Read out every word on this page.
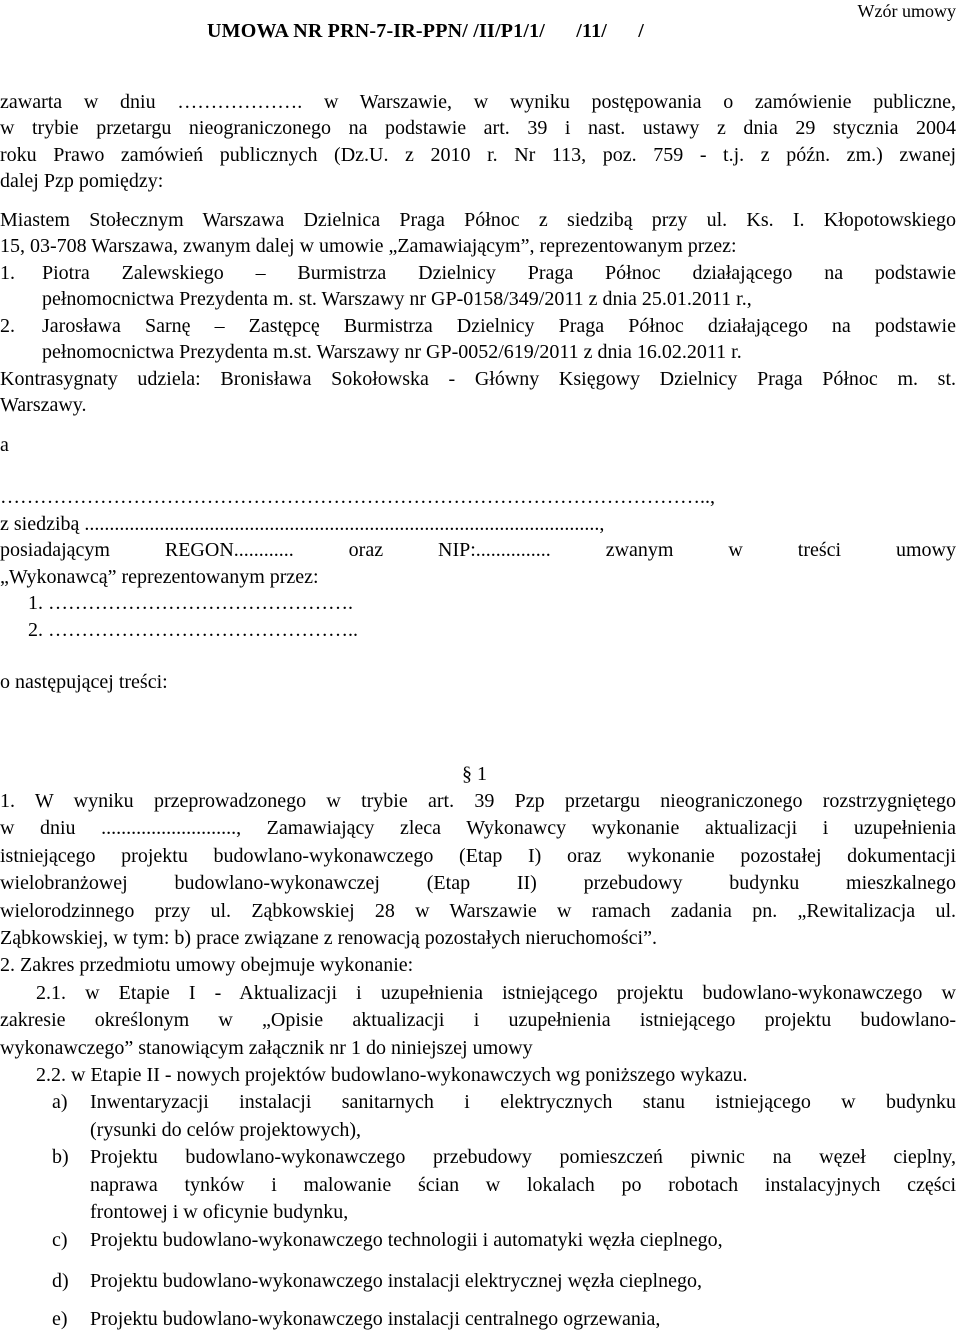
Wzór umowy
UMOWA NR PRN-7-IR-PPN/ /II/P1/1/      /11/      /
zawarta w dniu ………………. w Warszawie, w wyniku postępowania o zamówienie publiczne,
w trybie przetargu nieograniczonego na podstawie art. 39 i nast. ustawy z dnia 29 stycznia 2004
roku Prawo zamówień publicznych (Dz.U. z 2010 r. Nr 113, poz. 759 - t.j. z późn. zm.) zwanej
dalej Pzp pomiędzy:
Miastem Stołecznym Warszawa Dzielnica Praga Północ z siedzibą przy ul. Ks. I. Kłopotowskiego
15, 03-708 Warszawa, zwanym dalej w umowie „Zamawiającym”, reprezentowanym przez:
1. Piotra Zalewskiego – Burmistrza Dzielnicy Praga Północ działającego na podstawie
pełnomocnictwa Prezydenta m. st. Warszawy nr GP-0158/349/2011 z dnia 25.01.2011 r.,
2. Jarosława Sarnę – Zastępcę Burmistrza Dzielnicy Praga Północ działającego na podstawie
pełnomocnictwa Prezydenta m.st. Warszawy nr GP-0052/619/2011 z dnia 16.02.2011 r.
Kontrasygnaty udziela: Bronisława Sokołowska - Główny Księgowy Dzielnicy Praga Północ m. st.
Warszawy.
a
……………………………………………………………………………………………..,
z siedzibą .......................................................................................................,
posiadającym REGON............ oraz NIP:............... zwanym w treści umowy
„Wykonawcą” reprezentowanym przez:
1. ……………………………………….
2. ………………………………………..
o następującej treści:
§ 1
1. W wyniku przeprowadzonego w trybie art. 39 Pzp przetargu nieograniczonego rozstrzygniętego
w dniu ..........................., Zamawiający zleca Wykonawcy wykonanie aktualizacji i uzupełnienia
istniejącego projektu budowlano-wykonawczego (Etap I) oraz wykonanie pozostałej dokumentacji
wielobranżowej budowlano-wykonawczej (Etap II) przebudowy budynku mieszkalnego
wielorodzinnego przy ul. Ząbkowskiej 28 w Warszawie w ramach zadania pn. „Rewitalizacja ul.
Ząbkowskiej, w tym: b) prace związane z renowacją pozostałych nieruchomości”.
2. Zakres przedmiotu umowy obejmuje wykonanie:
2.1. w Etapie I - Aktualizacji i uzupełnienia istniejącego projektu budowlano-wykonawczego w
zakresie określonym w „Opisie aktualizacji i uzupełnienia istniejącego projektu budowlano-
wykonawczego” stanowiącym załącznik nr 1 do niniejszej umowy
2.2. w Etapie II - nowych projektów budowlano-wykonawczych wg poniższego wykazu.
a) Inwentaryzacji instalacji sanitarnych i elektrycznych stanu istniejącego w budynku
(rysunki do celów projektowych),
b) Projektu budowlano-wykonawczego przebudowy pomieszczeń piwnic na węzeł cieplny,
naprawa tynków i malowanie ścian w lokalach po robotach instalacyjnych części
frontowej i w oficynie budynku,
c) Projektu budowlano-wykonawczego technologii i automatyki węzła cieplnego,
d) Projektu budowlano-wykonawczego instalacji elektrycznej węzła cieplnego,
e) Projektu budowlano-wykonawczego instalacji centralnego ogrzewania,
